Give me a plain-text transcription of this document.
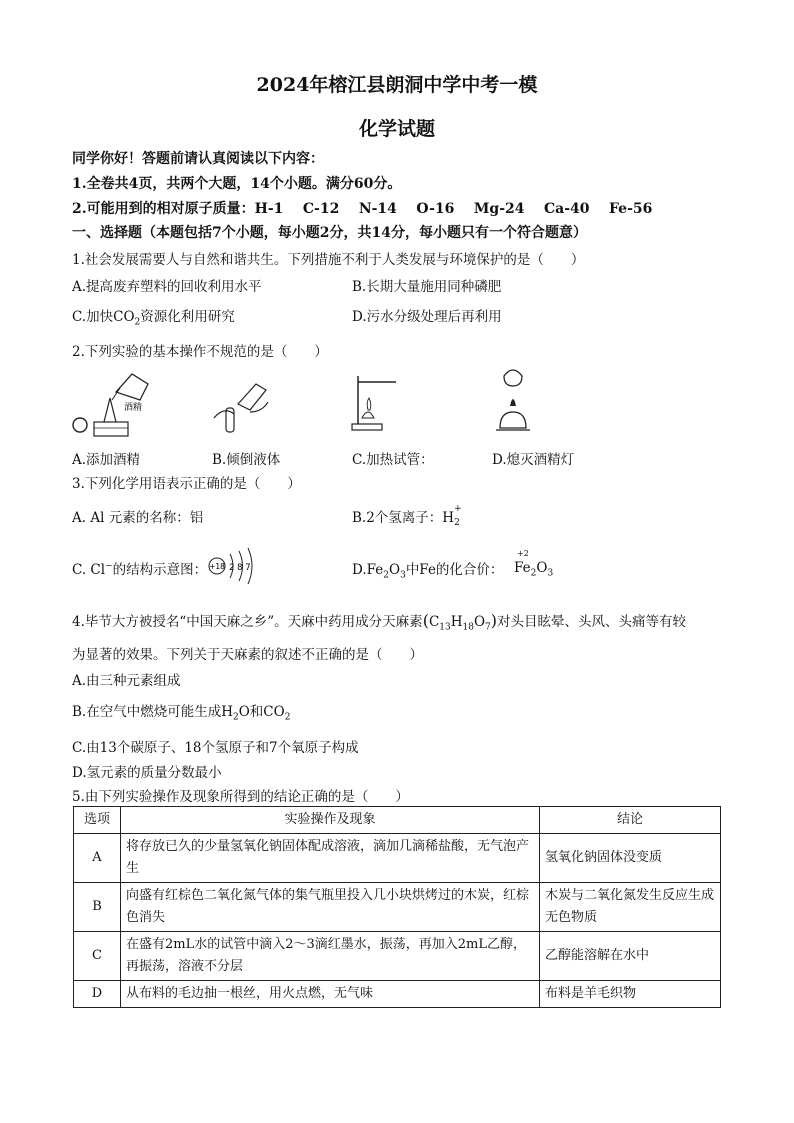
2024年榕江县朗洞中学中考一模
化学试题
同学你好！答题前请认真阅读以下内容：
1.全卷共4页，共两个大题，14个小题。满分60分。
2.可能用到的相对原子质量：H-1    C-12    N-14    O-16    Mg-24    Ca-40    Fe-56
一、选择题（本题包括7个小题，每小题2分，共14分，每小题只有一个符合题意）
1.社会发展需要人与自然和谐共生。下列措施不利于人类发展与环境保护的是（　　）
A.提高废弃塑料的回收利用水平	B.长期大量施用同种磷肥
C.加快$CO_2$资源化利用研究	D.污水分级处理后再利用
2.下列实验的基本操作不规范的是（　　）
酒精
A.添加酒精	B.倾倒液体	C.加热试管：	D.熄灭酒精灯
3.下列化学用语表示正确的是（　　）
A. Al 元素的名称：铝	B.2个氢离子：H
+
2
C. Cl−的结构示意图： +18 2 8 7	$D.Fe_2O_3$中Fe的化合价： Fe
+2
$_2O_3$
4.毕节大方被授名“中国天麻之乡”。天麻中药用成分天麻素$(C_{13}H_{18}O_7)$对头目眩晕、头风、头痛等有较
为显著的效果。下列关于天麻素的叙述不正确的是（　　）
A.由三种元素组成
B.在空气中燃烧可能生成$H_2O$和$CO_2$
C.由13个碳原子、18个氢原子和7个氧原子构成
D.氢元素的质量分数最小
5.由下列实验操作及现象所得到的结论正确的是（　　）
选项	实验操作及现象	结论
A	将存放已久的少量氢氧化钠固体配成溶液，滴加几滴稀盐酸，无气泡产生	氢氧化钠固体没变质
B	向盛有红棕色二氧化氮气体的集气瓶里投入几小块烘烤过的木炭，红棕色消失	木炭与二氧化氮发生反应生成无色物质
C	在盛有2mL水的试管中滴入2～3滴红墨水，振荡，再加入2mL乙醇，再振荡，溶液不分层	乙醇能溶解在水中
D	从布料的毛边抽一根丝，用火点燃，无气味	布料是羊毛织物
